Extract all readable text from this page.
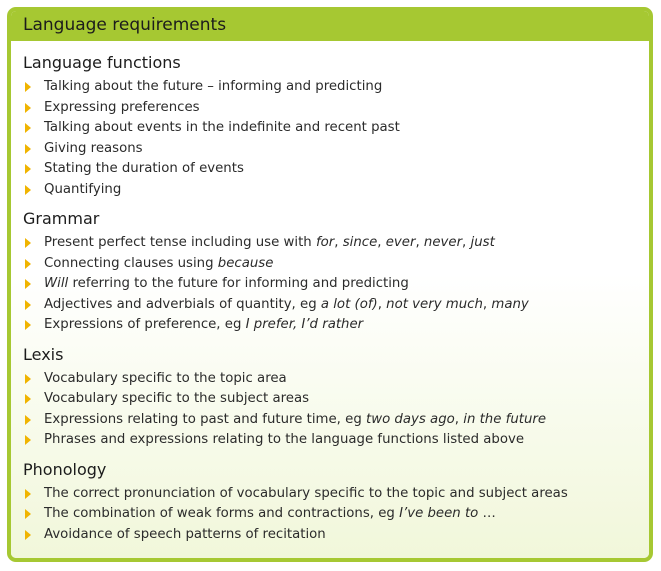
Language requirements
Language functions
Talking about the future – informing and predicting
Expressing preferences
Talking about events in the indefinite and recent past
Giving reasons
Stating the duration of events
Quantifying
Grammar
Present perfect tense including use with for, since, ever, never, just
Connecting clauses using because
Will referring to the future for informing and predicting
Adjectives and adverbials of quantity, eg a lot (of), not very much, many
Expressions of preference, eg I prefer, I’d rather
Lexis
Vocabulary specific to the topic area
Vocabulary specific to the subject areas
Expressions relating to past and future time, eg two days ago, in the future
Phrases and expressions relating to the language functions listed above
Phonology
The correct pronunciation of vocabulary specific to the topic and subject areas
The combination of weak forms and contractions, eg I’ve been to …
Avoidance of speech patterns of recitation
